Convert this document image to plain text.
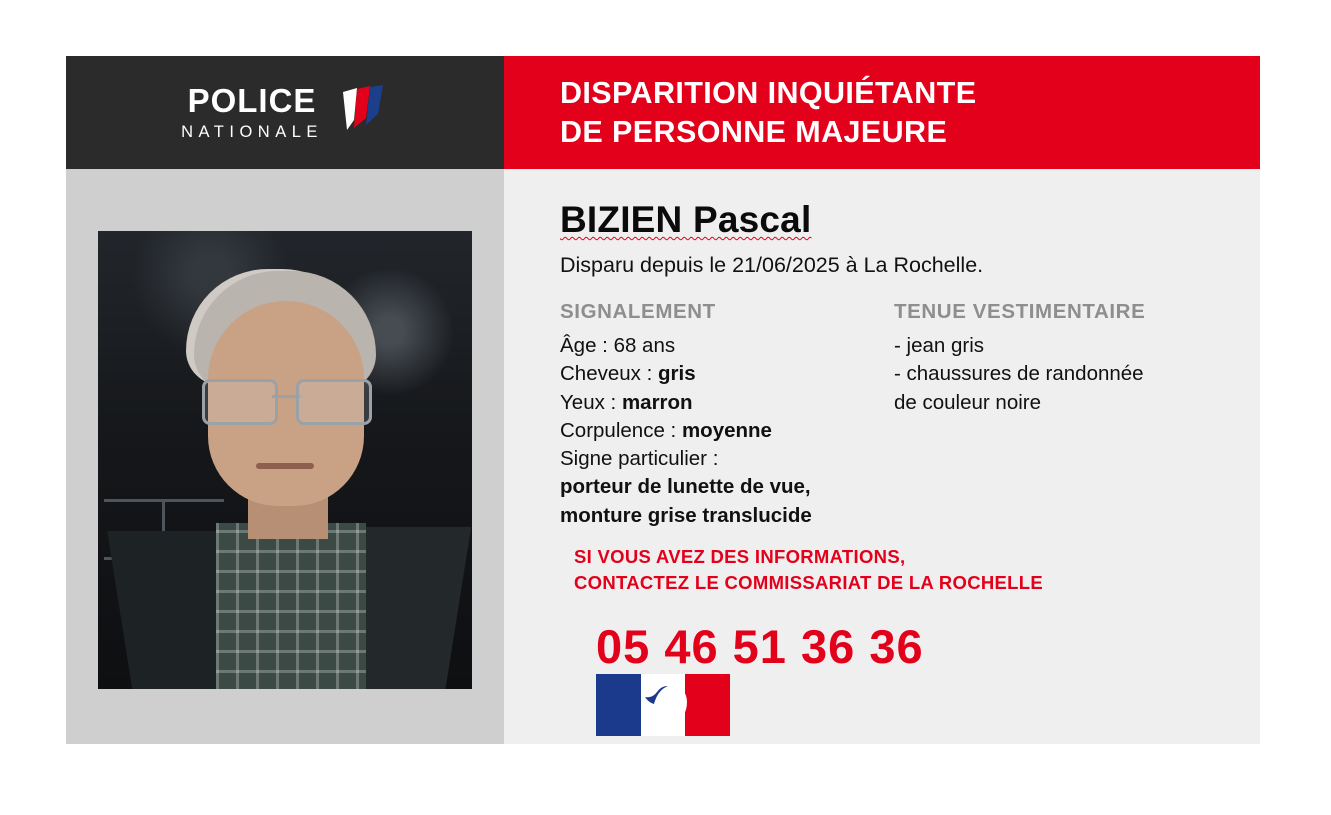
POLICE
NATIONALE
DISPARITION INQUIÉTANTE
DE PERSONNE MAJEURE
BIZIEN Pascal
Disparu depuis le 21/06/2025 à La Rochelle.
SIGNALEMENT
Âge : 68 ans
Cheveux : gris
Yeux : marron
Corpulence : moyenne
Signe particulier :
porteur de lunette de vue, monture grise translucide
TENUE VESTIMENTAIRE
- jean gris
- chaussures de randonnée
de couleur noire
SI VOUS AVEZ DES INFORMATIONS,
CONTACTEZ LE COMMISSARIAT DE LA ROCHELLE
05 46 51 36 36
